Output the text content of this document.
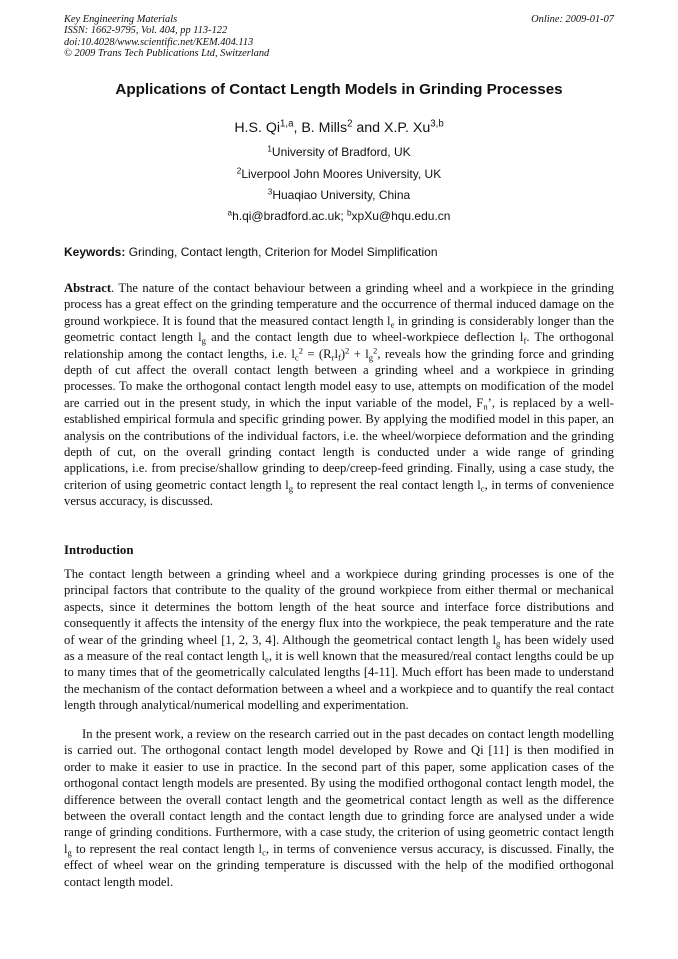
Key Engineering Materials
ISSN: 1662-9795, Vol. 404, pp 113-122
doi:10.4028/www.scientific.net/KEM.404.113
© 2009 Trans Tech Publications Ltd, Switzerland
Online: 2009-01-07
Applications of Contact Length Models in Grinding Processes
H.S. Qi$^{1,a}$, B. Mills$^2$ and X.P. Xu$^{3,b}$
$^1$University of Bradford, UK
$^2$Liverpool John Moores University, UK
$^3$Huaqiao University, China
$^a$h.qi@bradford.ac.uk; $^b$xpXu@hqu.edu.cn
Keywords: Grinding, Contact length, Criterion for Model Simplification
Abstract. The nature of the contact behaviour between a grinding wheel and a workpiece in the grinding process has a great effect on the grinding temperature and the occurrence of thermal induced damage on the ground workpiece. It is found that the measured contact length $l_e$ in grinding is considerably longer than the geometric contact length $l_g$ and the contact length due to wheel-workpiece deflection $l_f$. The orthogonal relationship among the contact lengths, i.e. $l_c^2 = (R_rl_f)^2 + l_g^2$, reveals how the grinding force and grinding depth of cut affect the overall contact length between a grinding wheel and a workpiece in grinding processes. To make the orthogonal contact length model easy to use, attempts on modification of the model are carried out in the present study, in which the input variable of the model, $F_n$’, is replaced by a well-established empirical formula and specific grinding power. By applying the modified model in this paper, an analysis on the contributions of the individual factors, i.e. the wheel/worpiece deformation and the grinding depth of cut, on the overall grinding contact length is conducted under a wide range of grinding applications, i.e. from precise/shallow grinding to deep/creep-feed grinding. Finally, using a case study, the criterion of using geometric contact length $l_g$ to represent the real contact length $l_c$, in terms of convenience versus accuracy, is discussed.
Introduction
The contact length between a grinding wheel and a workpiece during grinding processes is one of the principal factors that contribute to the quality of the ground workpiece from either thermal or mechanical aspects, since it determines the bottom length of the heat source and interface force distributions and consequently it affects the intensity of the energy flux into the workpiece, the peak temperature and the rate of wear of the grinding wheel [1, 2, 3, 4]. Although the geometrical contact length $l_g$ has been widely used as a measure of the real contact length $l_e$, it is well known that the measured/real contact lengths could be up to many times that of the geometrically calculated lengths [4-11]. Much effort has been made to understand the mechanism of the contact deformation between a wheel and a workpiece and to quantify the real contact length through analytical/numerical modelling and experimentation.
In the present work, a review on the research carried out in the past decades on contact length modelling is carried out. The orthogonal contact length model developed by Rowe and Qi [11] is then modified in order to make it easier to use in practice. In the second part of this paper, some application cases of the orthogonal contact length models are presented. By using the modified orthogonal contact length model, the difference between the overall contact length and the geometrical contact length as well as the difference between the overall contact length and the contact length due to grinding force are analysed under a wide range of grinding conditions. Furthermore, with a case study, the criterion of using geometric contact length $l_g$ to represent the real contact length $l_c$, in terms of convenience versus accuracy, is discussed. Finally, the effect of wheel wear on the grinding temperature is discussed with the help of the modified orthogonal contact length model.
